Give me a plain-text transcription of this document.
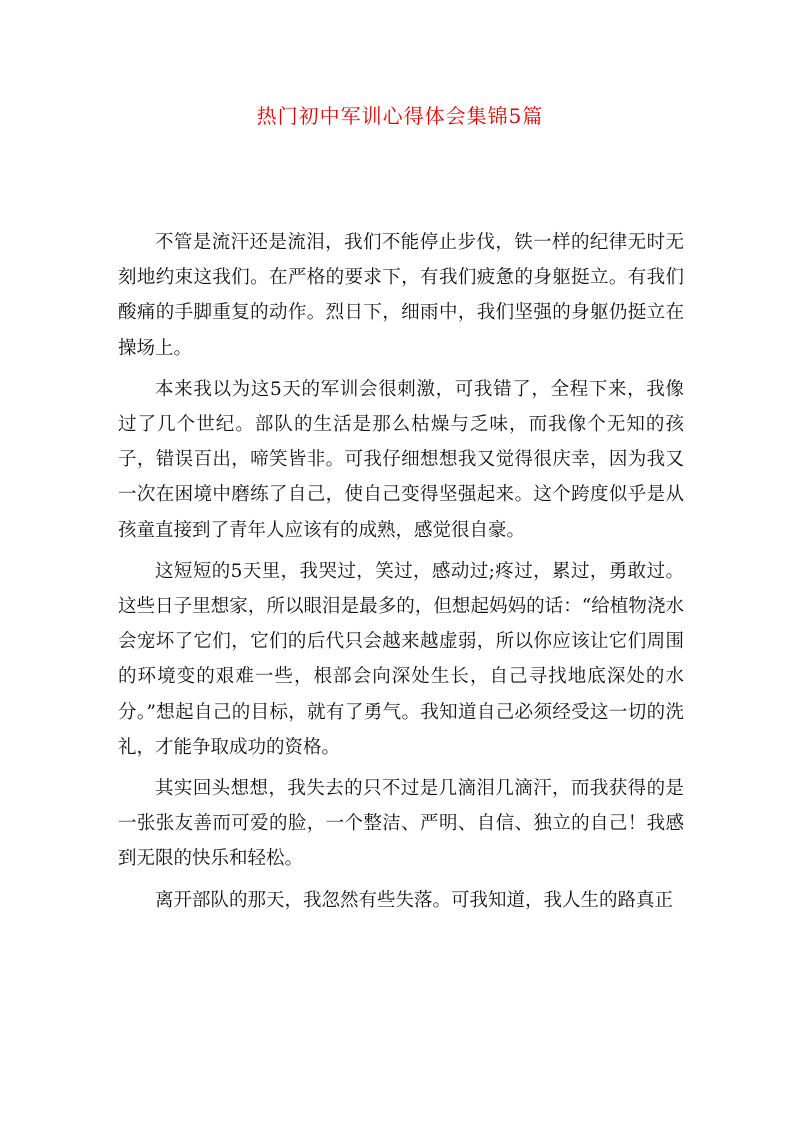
热门初中军训心得体会集锦5篇

不管是流汗还是流泪，我们不能停止步伐，铁一样的纪律无时无刻地约束这我们。在严格的要求下，有我们疲惫的身躯挺立。有我们酸痛的手脚重复的动作。烈日下，细雨中，我们坚强的身躯仍挺立在操场上。

本来我以为这5天的军训会很刺激，可我错了，全程下来，我像过了几个世纪。部队的生活是那么枯燥与乏味，而我像个无知的孩子，错误百出，啼笑皆非。可我仔细想想我又觉得很庆幸，因为我又一次在困境中磨练了自己，使自己变得坚强起来。这个跨度似乎是从孩童直接到了青年人应该有的成熟，感觉很自豪。

这短短的5天里，我哭过，笑过，感动过;疼过，累过，勇敢过。这些日子里想家，所以眼泪是最多的，但想起妈妈的话：“给植物浇水会宠坏了它们，它们的后代只会越来越虚弱，所以你应该让它们周围的环境变的艰难一些，根部会向深处生长，自己寻找地底深处的水分。”想起自己的目标，就有了勇气。我知道自己必须经受这一切的洗礼，才能争取成功的资格。

其实回头想想，我失去的只不过是几滴泪几滴汗，而我获得的是一张张友善而可爱的脸，一个整洁、严明、自信、独立的自己！我感到无限的快乐和轻松。

离开部队的那天，我忽然有些失落。可我知道，我人生的路真正
